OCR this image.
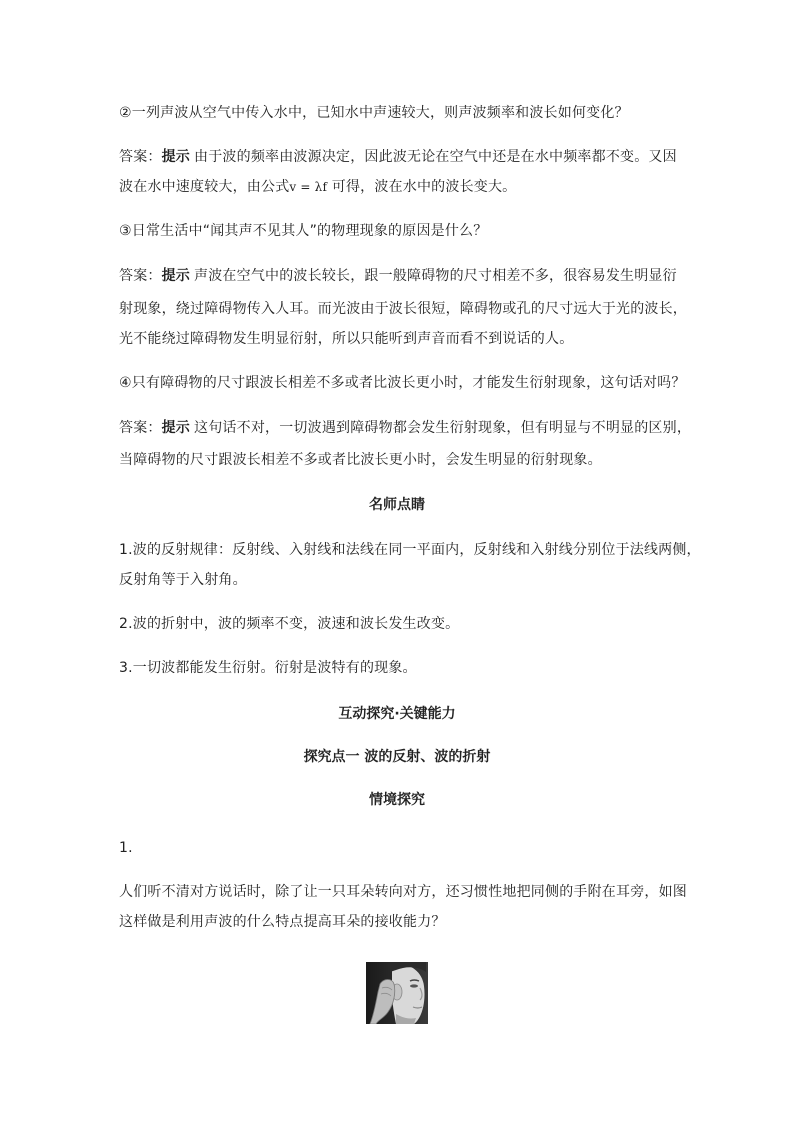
②一列声波从空气中传入水中，已知水中声速较大，则声波频率和波长如何变化？
答案：提示 由于波的频率由波源决定，因此波无论在空气中还是在水中频率都不变。又因
波在水中速度较大，由公式v = λf 可得，波在水中的波长变大。
③日常生活中“闻其声不见其人”的物理现象的原因是什么？
答案：提示 声波在空气中的波长较长，跟一般障碍物的尺寸相差不多，很容易发生明显衍
射现象，绕过障碍物传入人耳。而光波由于波长很短，障碍物或孔的尺寸远大于光的波长，
光不能绕过障碍物发生明显衍射，所以只能听到声音而看不到说话的人。
④只有障碍物的尺寸跟波长相差不多或者比波长更小时，才能发生衍射现象，这句话对吗？
答案：提示 这句话不对，一切波遇到障碍物都会发生衍射现象，但有明显与不明显的区别，
当障碍物的尺寸跟波长相差不多或者比波长更小时，会发生明显的衍射现象。
名师点睛
1.波的反射规律：反射线、入射线和法线在同一平面内，反射线和入射线分别位于法线两侧，
反射角等于入射角。
2.波的折射中，波的频率不变，波速和波长发生改变。
3.一切波都能发生衍射。衍射是波特有的现象。
互动探究·关键能力
探究点一 波的反射、波的折射
情境探究
1.
人们听不清对方说话时，除了让一只耳朵转向对方，还习惯性地把同侧的手附在耳旁，如图
这样做是利用声波的什么特点提高耳朵的接收能力？
